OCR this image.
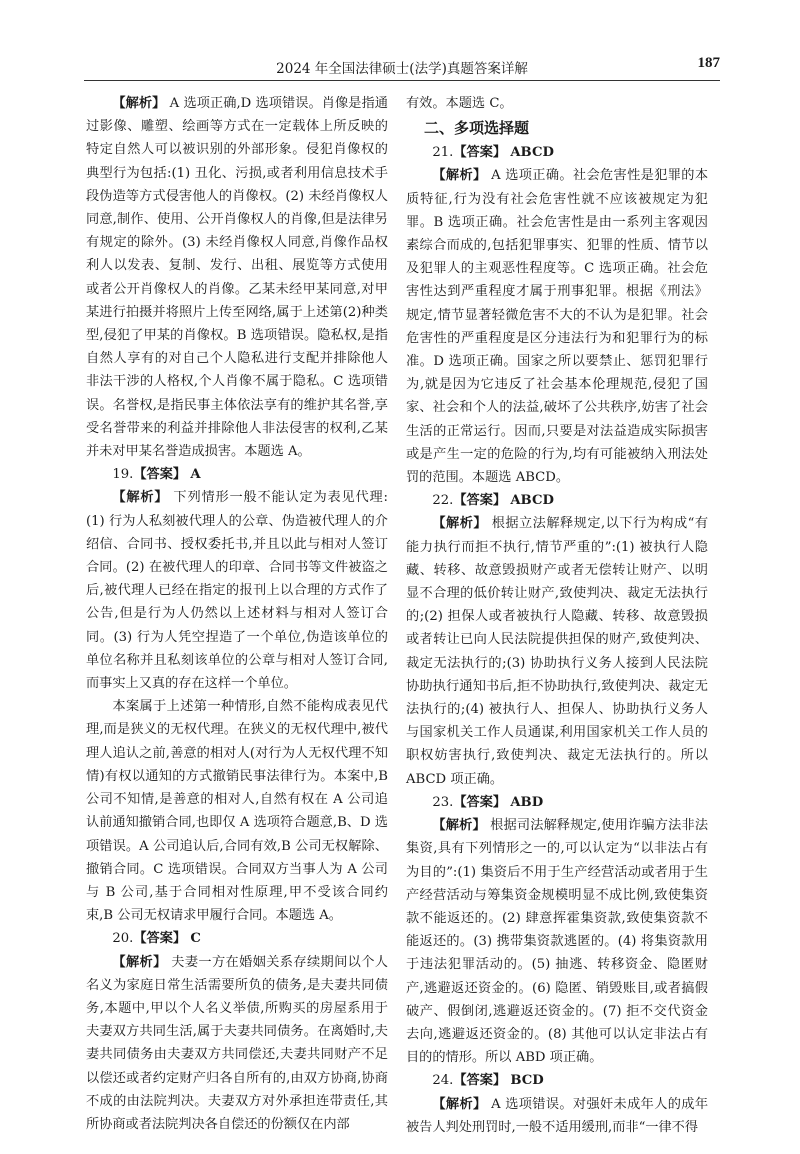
2024 年全国法律硕士(法学)真题答案详解	187

【解析】 A 选项正确,D 选项错误。肖像是指通过影像、雕塑、绘画等方式在一定载体上所反映的特定自然人可以被识别的外部形象。侵犯肖像权的典型行为包括:(1) 丑化、污损,或者利用信息技术手段伪造等方式侵害他人的肖像权。(2) 未经肖像权人同意,制作、使用、公开肖像权人的肖像,但是法律另有规定的除外。(3) 未经肖像权人同意,肖像作品权利人以发表、复制、发行、出租、展览等方式使用或者公开肖像权人的肖像。乙某未经甲某同意,对甲某进行拍摄并将照片上传至网络,属于上述第(2)种类型,侵犯了甲某的肖像权。B 选项错误。隐私权,是指自然人享有的对自己个人隐私进行支配并排除他人非法干涉的人格权,个人肖像不属于隐私。C 选项错误。名誉权,是指民事主体依法享有的维护其名誉,享受名誉带来的利益并排除他人非法侵害的权利,乙某并未对甲某名誉造成损害。本题选 A。

19.【答案】 A

【解析】 下列情形一般不能认定为表见代理:(1) 行为人私刻被代理人的公章、伪造被代理人的介绍信、合同书、授权委托书,并且以此与相对人签订合同。(2) 在被代理人的印章、合同书等文件被盗之后,被代理人已经在指定的报刊上以合理的方式作了公告,但是行为人仍然以上述材料与相对人签订合同。(3) 行为人凭空捏造了一个单位,伪造该单位的单位名称并且私刻该单位的公章与相对人签订合同,而事实上又真的存在这样一个单位。

本案属于上述第一种情形,自然不能构成表见代理,而是狭义的无权代理。在狭义的无权代理中,被代理人追认之前,善意的相对人(对行为人无权代理不知情)有权以通知的方式撤销民事法律行为。本案中,B 公司不知情,是善意的相对人,自然有权在 A 公司追认前通知撤销合同,也即仅 A 选项符合题意,B、D 选项错误。A 公司追认后,合同有效,B 公司无权解除、撤销合同。C 选项错误。合同双方当事人为 A 公司与 B 公司,基于合同相对性原理,甲不受该合同约束,B 公司无权请求甲履行合同。本题选 A。

20.【答案】 C

【解析】 夫妻一方在婚姻关系存续期间以个人名义为家庭日常生活需要所负的债务,是夫妻共同债务,本题中,甲以个人名义举债,所购买的房屋系用于夫妻双方共同生活,属于夫妻共同债务。在离婚时,夫妻共同债务由夫妻双方共同偿还,夫妻共同财产不足以偿还或者约定财产归各自所有的,由双方协商,协商不成的由法院判决。夫妻双方对外承担连带责任,其所协商或者法院判决各自偿还的份额仅在内部

有效。本题选 C。

二、多项选择题

21.【答案】 ABCD

【解析】 A 选项正确。社会危害性是犯罪的本质特征,行为没有社会危害性就不应该被规定为犯罪。B 选项正确。社会危害性是由一系列主客观因素综合而成的,包括犯罪事实、犯罪的性质、情节以及犯罪人的主观恶性程度等。C 选项正确。社会危害性达到严重程度才属于刑事犯罪。根据《刑法》规定,情节显著轻微危害不大的不认为是犯罪。社会危害性的严重程度是区分违法行为和犯罪行为的标准。D 选项正确。国家之所以要禁止、惩罚犯罪行为,就是因为它违反了社会基本伦理规范,侵犯了国家、社会和个人的法益,破坏了公共秩序,妨害了社会生活的正常运行。因而,只要是对法益造成实际损害或是产生一定的危险的行为,均有可能被纳入刑法处罚的范围。本题选 ABCD。

22.【答案】 ABCD

【解析】 根据立法解释规定,以下行为构成“有能力执行而拒不执行,情节严重的”:(1) 被执行人隐藏、转移、故意毁损财产或者无偿转让财产、以明显不合理的低价转让财产,致使判决、裁定无法执行的;(2) 担保人或者被执行人隐藏、转移、故意毁损或者转让已向人民法院提供担保的财产,致使判决、裁定无法执行的;(3) 协助执行义务人接到人民法院协助执行通知书后,拒不协助执行,致使判决、裁定无法执行的;(4) 被执行人、担保人、协助执行义务人与国家机关工作人员通谋,利用国家机关工作人员的职权妨害执行,致使判决、裁定无法执行的。所以 ABCD 项正确。

23.【答案】 ABD

【解析】 根据司法解释规定,使用诈骗方法非法集资,具有下列情形之一的,可以认定为“以非法占有为目的”:(1) 集资后不用于生产经营活动或者用于生产经营活动与筹集资金规模明显不成比例,致使集资款不能返还的。(2) 肆意挥霍集资款,致使集资款不能返还的。(3) 携带集资款逃匿的。(4) 将集资款用于违法犯罪活动的。(5) 抽逃、转移资金、隐匿财产,逃避返还资金的。(6) 隐匿、销毁账目,或者搞假破产、假倒闭,逃避返还资金的。(7) 拒不交代资金去向,逃避返还资金的。(8) 其他可以认定非法占有目的的情形。所以 ABD 项正确。

24.【答案】 BCD

【解析】 A 选项错误。对强奸未成年人的成年被告人判处刑罚时,一般不适用缓刑,而非“一律不得
